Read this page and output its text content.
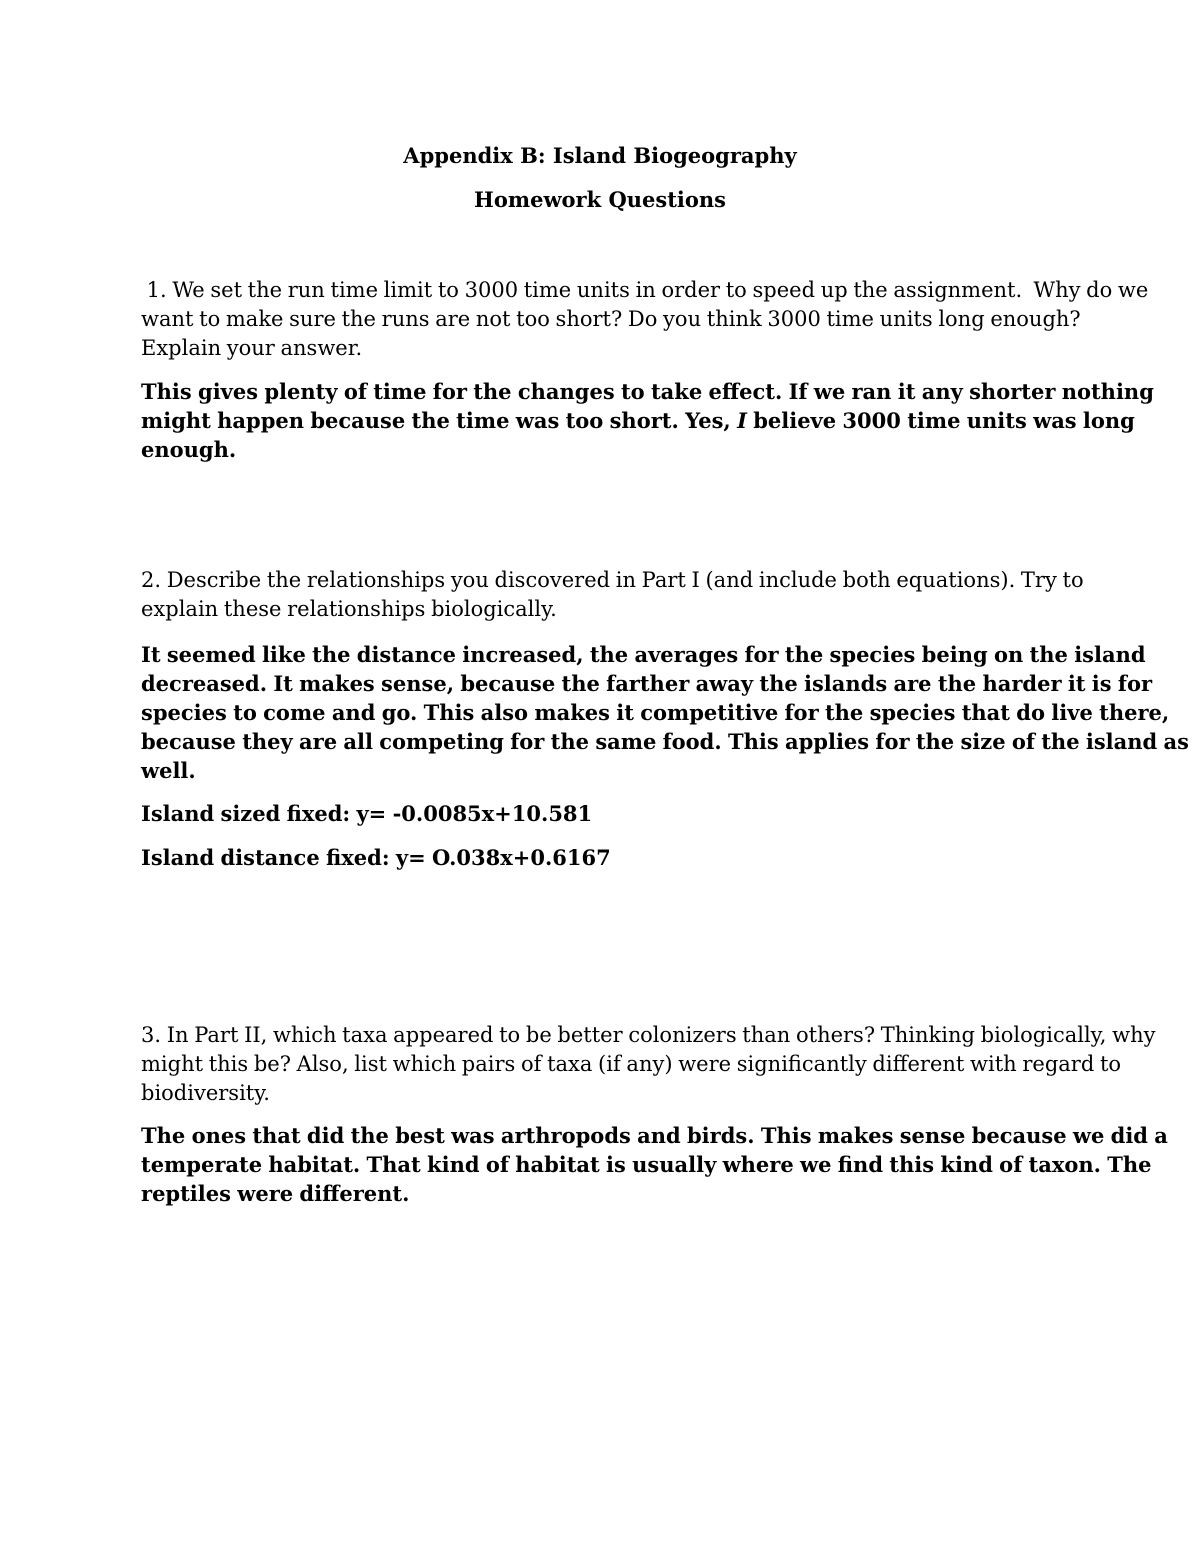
Appendix B: Island Biogeography
Homework Questions
1. We set the run time limit to 3000 time units in order to speed up the assignment.  Why do we
want to make sure the runs are not too short? Do you think 3000 time units long enough?
Explain your answer.
This gives plenty of time for the changes to take effect. If we ran it any shorter nothing
might happen because the time was too short. Yes, I believe 3000 time units was long
enough.
2. Describe the relationships you discovered in Part I (and include both equations). Try to
explain these relationships biologically.
It seemed like the distance increased, the averages for the species being on the island
decreased. It makes sense, because the farther away the islands are the harder it is for
species to come and go. This also makes it competitive for the species that do live there,
because they are all competing for the same food. This applies for the size of the island as
well.
Island sized fixed: y= -0.0085x+10.581
Island distance fixed: y= O.038x+0.6167
3. In Part II, which taxa appeared to be better colonizers than others? Thinking biologically, why
might this be? Also, list which pairs of taxa (if any) were significantly different with regard to
biodiversity.
The ones that did the best was arthropods and birds. This makes sense because we did a
temperate habitat. That kind of habitat is usually where we find this kind of taxon. The
reptiles were different.
